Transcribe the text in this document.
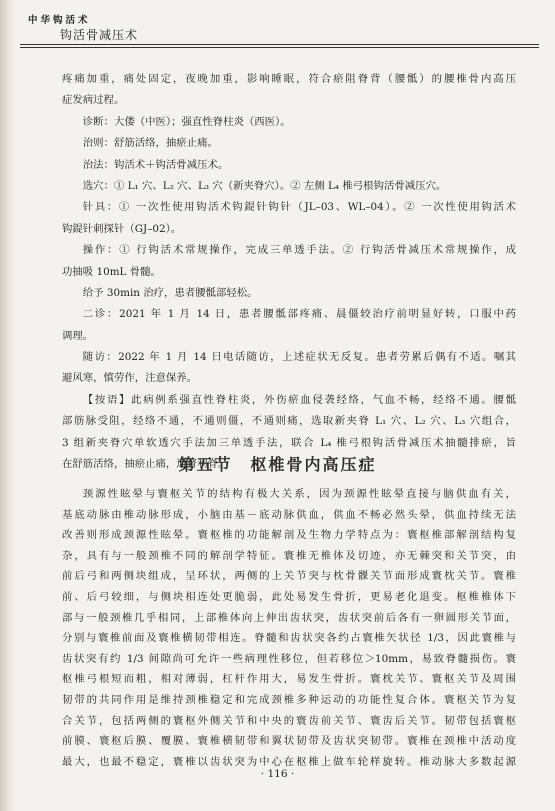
中华钩活术
钩活骨减压术
疼痛加重，痛处固定，夜晚加重，影响睡眠，符合瘀阻脊背（腰骶）的腰椎骨内高压
症发病过程。
诊断：大偻（中医）；强直性脊柱炎（西医）。
治则：舒筋活络，抽瘀止痛。
治法：钩活术＋钩活骨减压术。
选穴：① L₁ 穴、L₂ 穴、L₃ 穴（新夹脊穴）。② 左侧 L₄ 椎弓根钩活骨减压穴。
针具：① 一次性使用钩活术钩鍉针钩针（JL–03、WL–04）。② 一次性使用钩活术
钩鍉针刺探针（GJ–02）。
操作：① 行钩活术常规操作，完成三单透手法。② 行钩活骨减压术常规操作，成
功抽吸 10mL 骨髓。
给予 30min 治疗，患者腰骶部轻松。
二诊：2021 年 1 月 14 日，患者腰骶部疼痛、晨僵较治疗前明显好转，口服中药
调理。
随访：2022 年 1 月 14 日电话随访，上述症状无反复。患者劳累后偶有不适。嘱其
避风寒，慎劳作，注意保养。
【按语】此病例系强直性脊柱炎，外伤瘀血侵袭经络，气血不畅，经络不通。腰骶
部筋脉受阻，经络不通，不通则僵，不通则痛，选取新夹脊 L₁ 穴、L₂ 穴、L₃ 穴组合，
3 组新夹脊穴单软透穴手法加三单透手法，联合 L₄ 椎弓根钩活骨减压术抽髓排瘀，旨
在舒筋活络，抽瘀止痛，通督利脊。
第五节　枢椎骨内高压症
颈源性眩晕与寰枢关节的结构有极大关系，因为颈源性眩晕直接与脑供血有关，
基底动脉由椎动脉形成，小脑由基－底动脉供血，供血不畅必然头晕，供血持续无法
改善则形成颈源性眩晕。寰枢椎的功能解剖及生物力学特点为：寰枢椎部解剖结构复
杂，具有与一般颈椎不同的解剖学特征。寰椎无椎体及切迹，亦无棘突和关节突，由
前后弓和两侧块组成，呈环状，两侧的上关节突与枕骨髁关节面形成寰枕关节。寰椎
前、后弓较细，与侧块相连处更脆弱，此处易发生骨折，更易老化退变。枢椎椎体下
部与一般颈椎几乎相同，上部椎体向上伸出齿状突，齿状突前后各有一卵圆形关节面，
分别与寰椎前面及寰椎横韧带相连。脊髓和齿状突各约占寰椎矢状径 1/3，因此寰椎与
齿状突有约 1/3 间隙尚可允许一些病理性移位，但若移位＞10mm，易致脊髓损伤。寰
枢椎弓根短而粗，相对薄弱，杠杆作用大，易发生骨折。寰枕关节、寰枢关节及周围
韧带的共同作用是维持颈椎稳定和完成颈椎多种运动的功能性复合体。寰枢关节为复
合关节，包括两侧的寰枢外侧关节和中央的寰齿前关节、寰齿后关节。韧带包括寰枢
前膜、寰枢后膜、覆膜、寰椎横韧带和翼状韧带及齿状突韧带。寰椎在颈椎中活动度
最大，也最不稳定，寰椎以齿状突为中心在枢椎上做车轮样旋转。椎动脉大多数起源
· 116 ·
